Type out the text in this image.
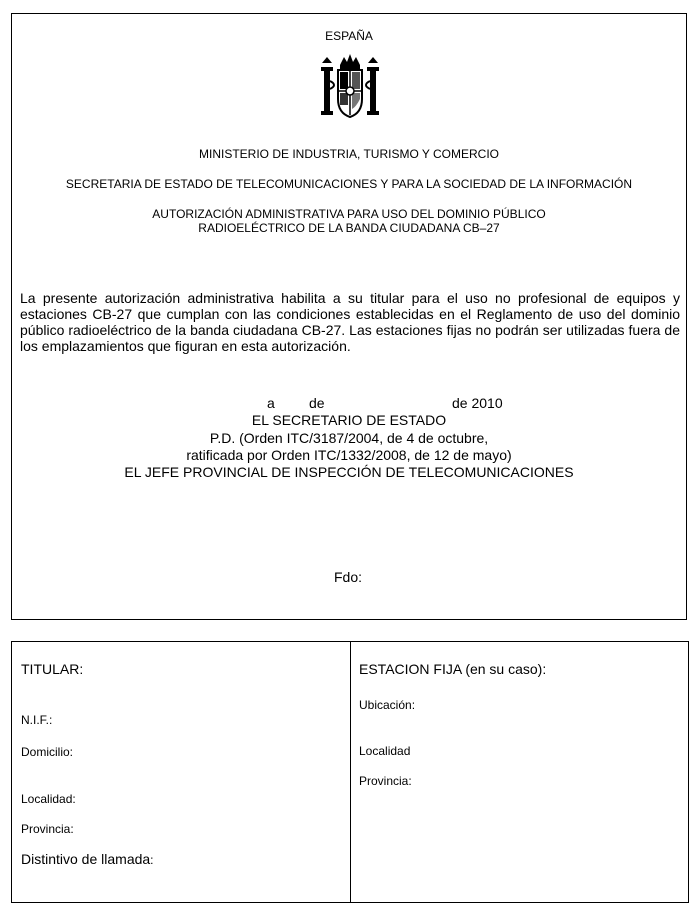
ESPAÑA
MINISTERIO DE INDUSTRIA, TURISMO Y COMERCIO
SECRETARIA DE ESTADO DE TELECOMUNICACIONES Y PARA LA SOCIEDAD DE LA INFORMACIÓN
AUTORIZACIÓN ADMINISTRATIVA PARA USO DEL DOMINIO PÚBLICO
RADIOELÉCTRICO DE LA BANDA CIUDADANA CB–27
La presente autorización administrativa habilita a su titular para el uso no profesional de equipos y estaciones CB-27 que cumplan con las condiciones establecidas en el Reglamento de uso del dominio público radioeléctrico de la banda ciudadana CB-27. Las estaciones fijas no podrán ser utilizadas fuera de los emplazamientos que figuran en esta autorización.
a de	de 2010
EL SECRETARIO DE ESTADO
P.D. (Orden ITC/3187/2004, de 4 de octubre,
ratificada por Orden ITC/1332/2008, de 12 de mayo)
EL JEFE PROVINCIAL DE INSPECCIÓN DE TELECOMUNICACIONES
Fdo:
TITULAR:
N.I.F.:
Domicilio:
Localidad:
Provincia:
Distintivo de llamada:
ESTACION FIJA (en su caso):
Ubicación:
Localidad
Provincia:
